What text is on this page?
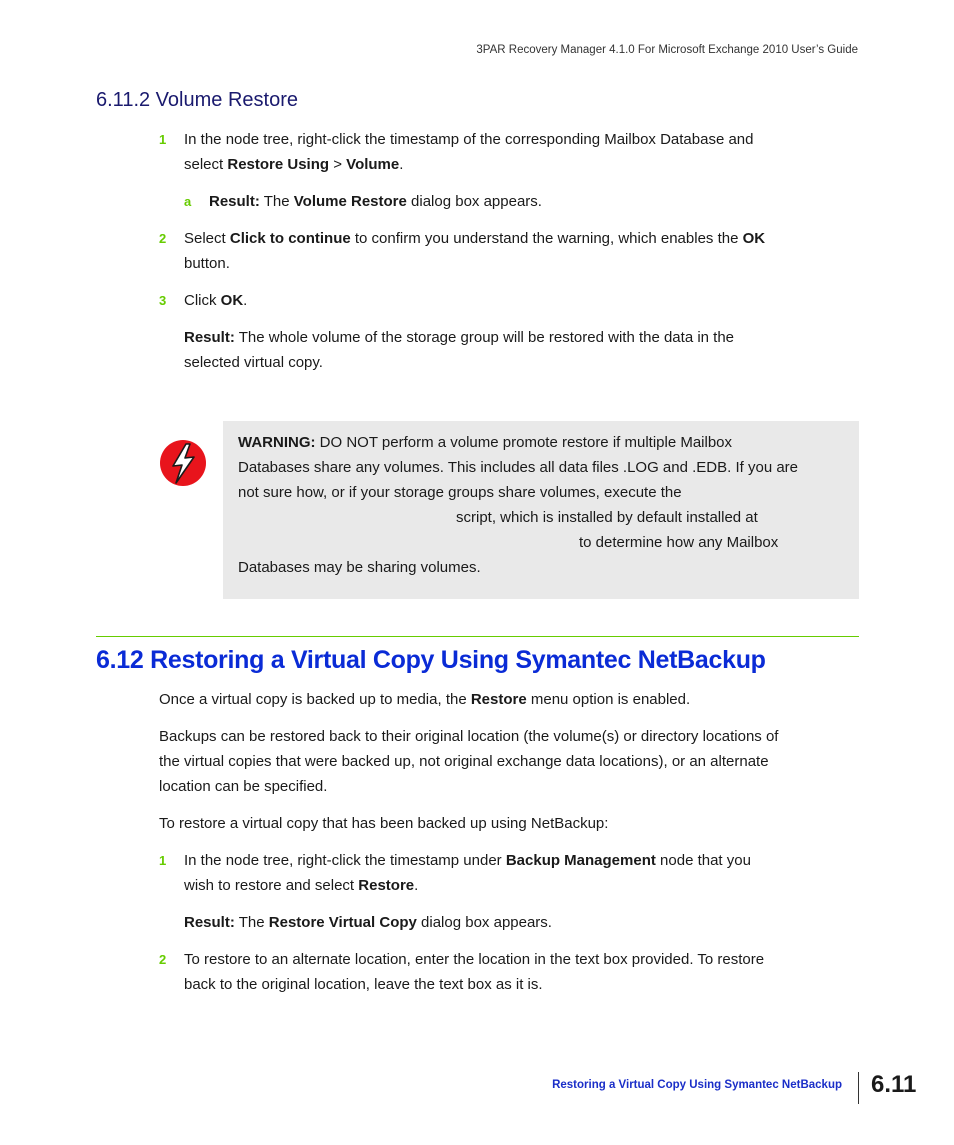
3PAR Recovery Manager 4.1.0 For Microsoft Exchange 2010 User’s Guide
6.11.2 Volume Restore
1 In the node tree, right-click the timestamp of the corresponding Mailbox Database and
select Restore Using > Volume.
a Result: The Volume Restore dialog box appears.
2 Select Click to continue to confirm you understand the warning, which enables the OK
button.
3 Click OK.
Result: The whole volume of the storage group will be restored with the data in the
selected virtual copy.
WARNING: DO NOT perform a volume promote restore if multiple Mailbox
Databases share any volumes. This includes all data files .LOG and .EDB. If you are
not sure how, or if your storage groups share volumes, execute the
script, which is installed by default installed at
to determine how any Mailbox
Databases may be sharing volumes.
6.12 Restoring a Virtual Copy Using Symantec NetBackup
Once a virtual copy is backed up to media, the Restore menu option is enabled.
Backups can be restored back to their original location (the volume(s) or directory locations of
the virtual copies that were backed up, not original exchange data locations), or an alternate
location can be specified.
To restore a virtual copy that has been backed up using NetBackup:
1 In the node tree, right-click the timestamp under Backup Management node that you
wish to restore and select Restore.
Result: The Restore Virtual Copy dialog box appears.
2 To restore to an alternate location, enter the location in the text box provided. To restore
back to the original location, leave the text box as it is.
Restoring a Virtual Copy Using Symantec NetBackup 6.11
